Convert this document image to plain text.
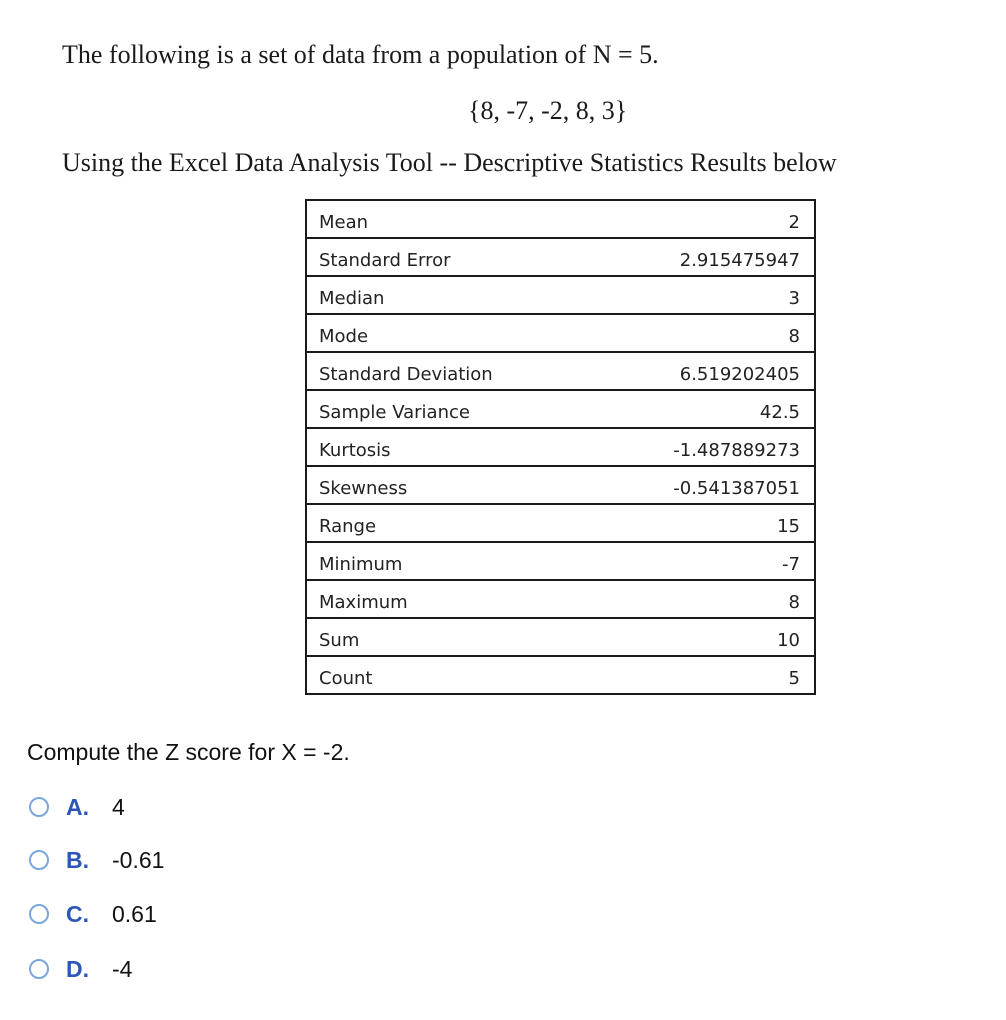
The following is a set of data from a population of N = 5.
{8, -7, -2, 8, 3}
Using the Excel Data Analysis Tool -- Descriptive Statistics Results below
Mean	2
Standard Error	2.915475947
Median	3
Mode	8
Standard Deviation	6.519202405
Sample Variance	42.5
Kurtosis	-1.487889273
Skewness	-0.541387051
Range	15
Minimum	-7
Maximum	8
Sum	10
Count	5
Compute the Z score for X = -2.
A.	4
B.	-0.61
C.	0.61
D.	-4
